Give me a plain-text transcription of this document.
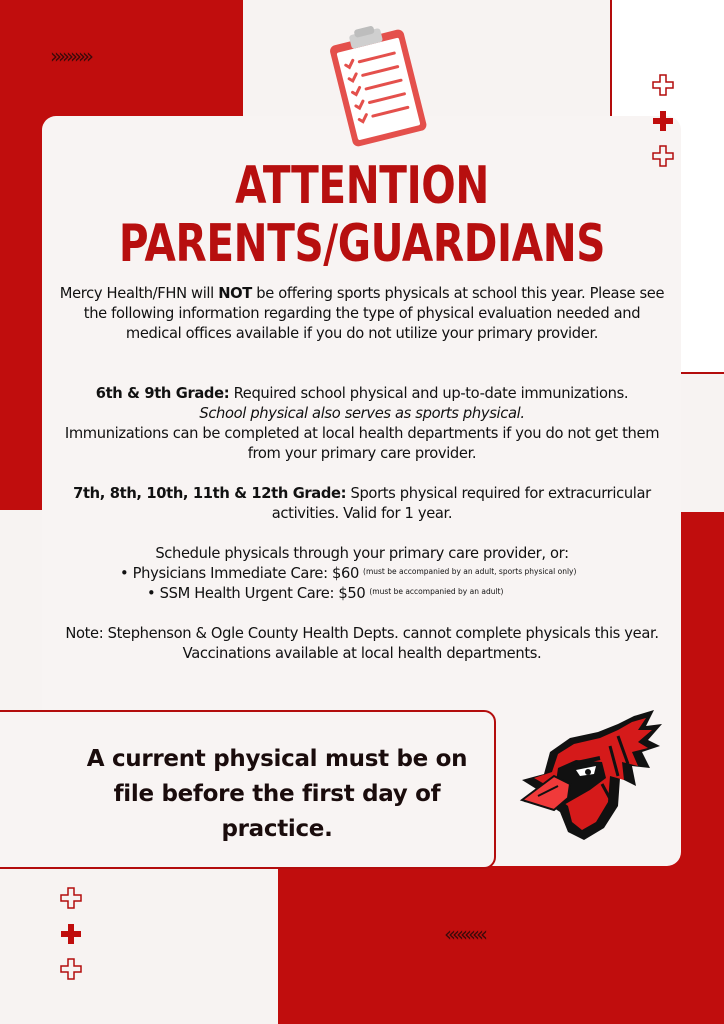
››››››››››
‹‹‹‹‹‹‹‹‹‹
ATTENTION
PARENTS/GUARDIANS
Mercy Health/FHN will NOT be offering sports physicals at school this year. Please see the following information regarding the type of physical evaluation needed and medical offices available if you do not utilize your primary provider.
6th & 9th Grade: Required school physical and up-to-date immunizations.
School physical also serves as sports physical.
Immunizations can be completed at local health departments if you do not get them from your primary care provider.
7th, 8th, 10th, 11th & 12th Grade: Sports physical required for extracurricular activities. Valid for 1 year.
Schedule physicals through your primary care provider, or:
• Physicians Immediate Care: $60 $^{(must be accompanied by an adult, sports physical only)}$
• SSM Health Urgent Care: $50 $^{(must be accompanied by an adult)}$
Note: Stephenson & Ogle County Health Depts. cannot complete physicals this year. Vaccinations available at local health departments.
A current physical must be on file before the first day of practice.
